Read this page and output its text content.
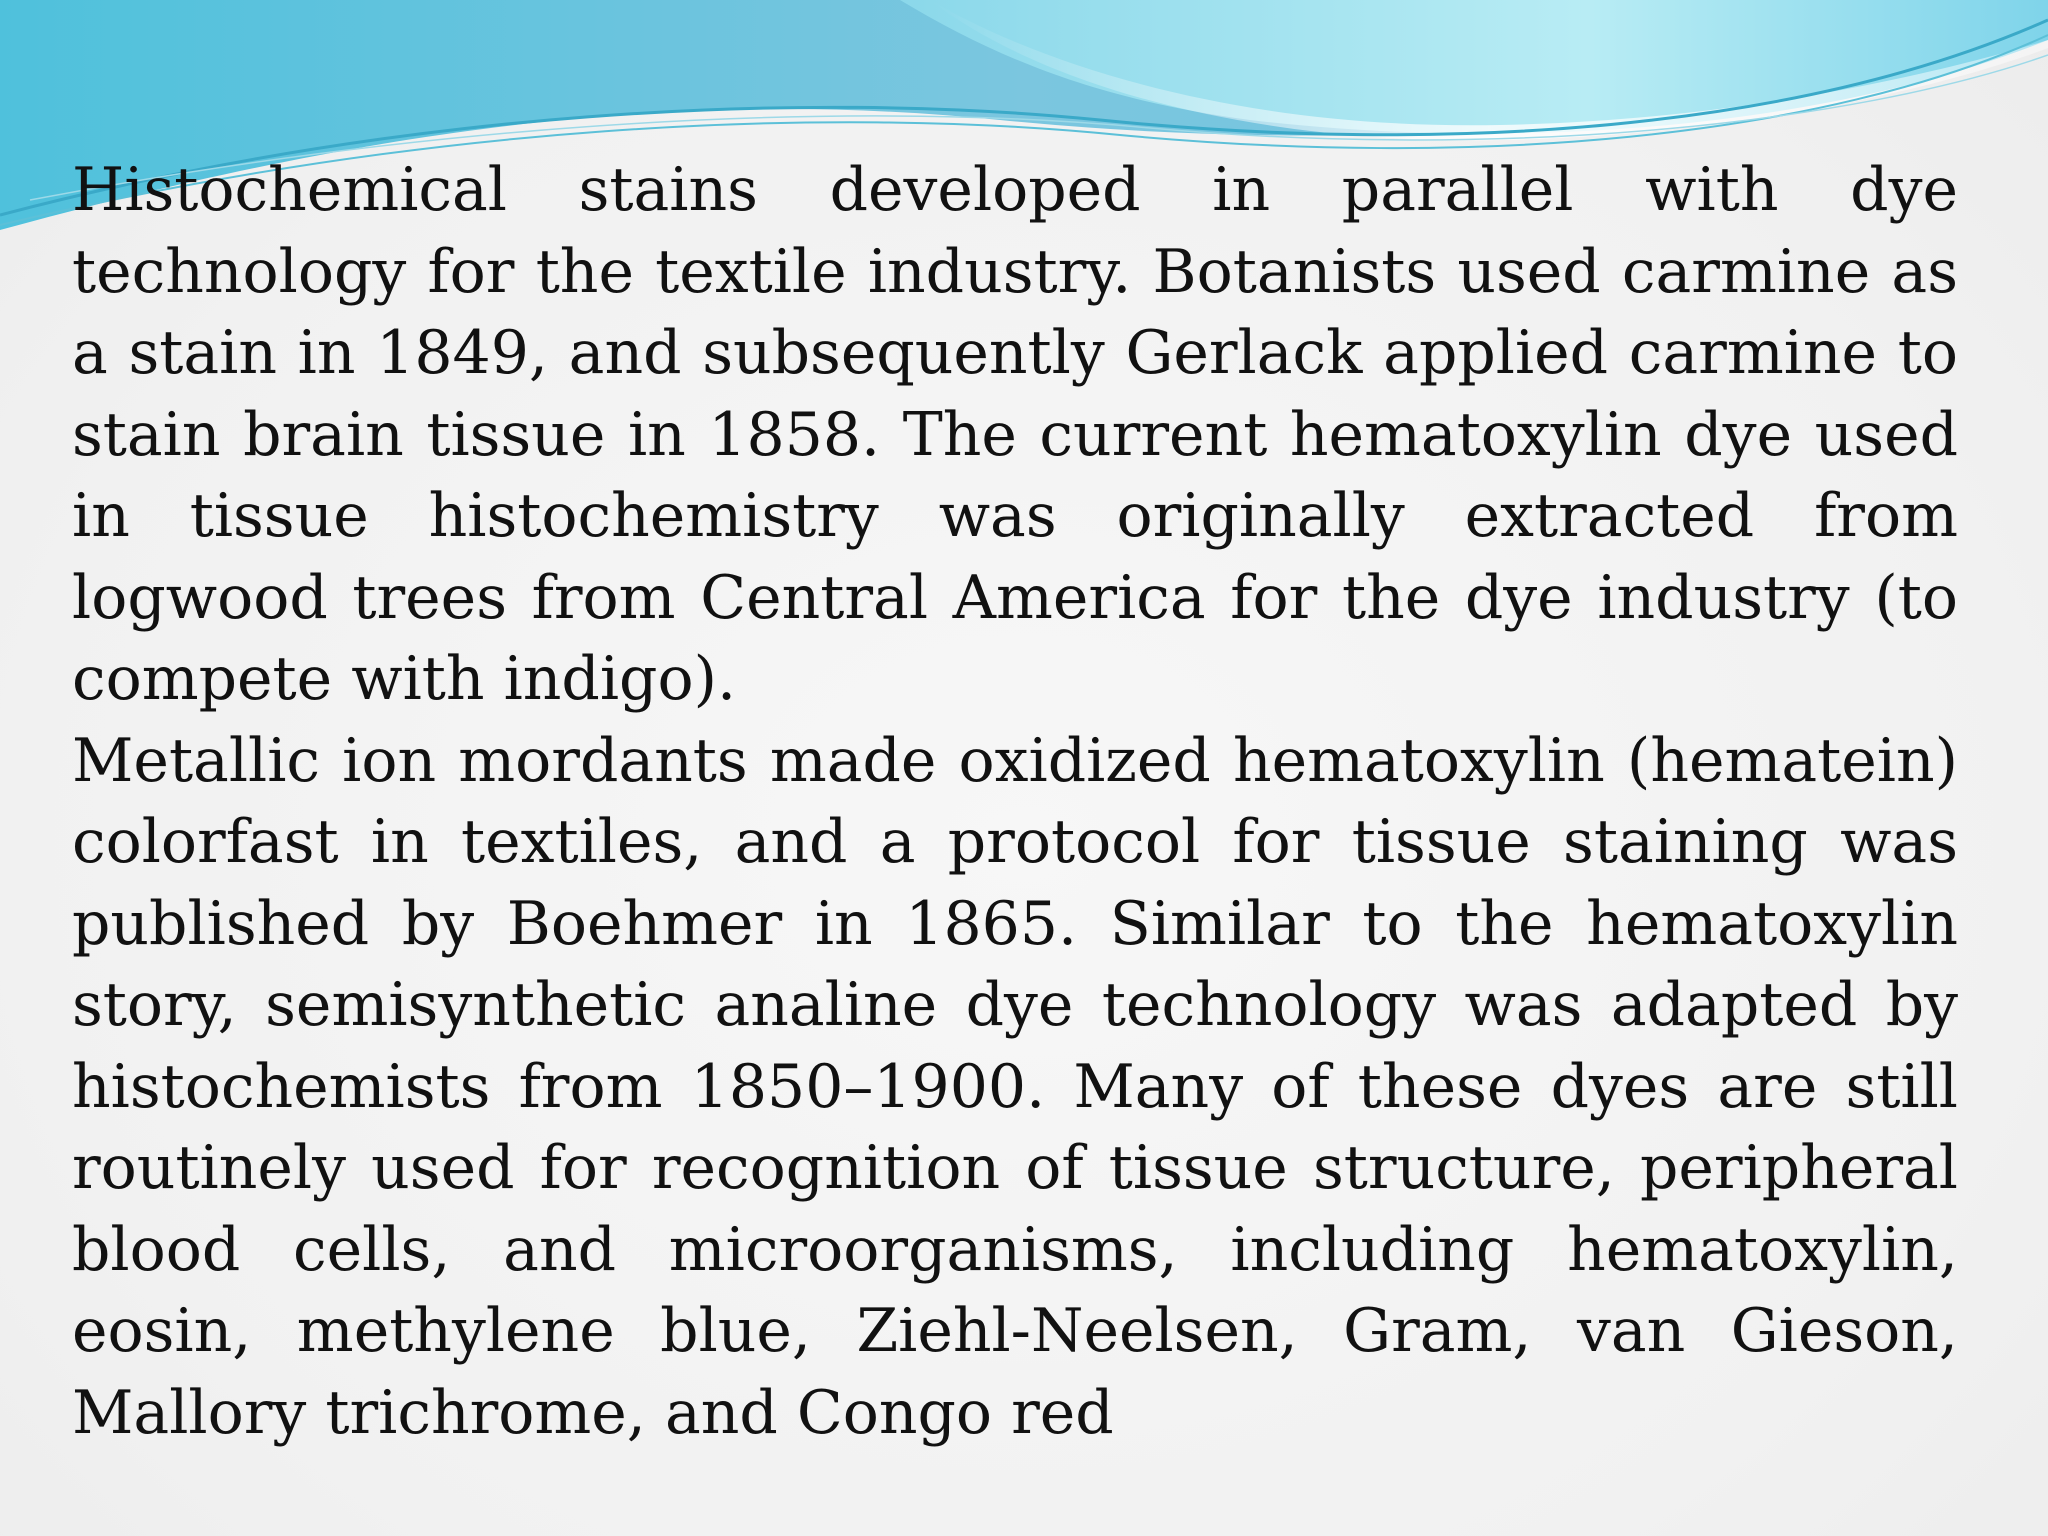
Histochemical stains developed in parallel with dye technology for the textile industry. Botanists used carmine as a stain in 1849, and subsequently Gerlack applied carmine to stain brain tissue in 1858. The current hematoxylin dye used in tissue histochemistry was originally extracted from logwood trees from Central America for the dye industry (to compete with indigo).

Metallic ion mordants made oxidized hematoxylin (hematein) colorfast in textiles, and a protocol for tissue staining was published by Boehmer in 1865. Similar to the hematoxylin story, semisynthetic analine dye technology was adapted by histochemists from 1850–1900. Many of these dyes are still routinely used for recognition of tissue structure, peripheral blood cells, and microorganisms, including hematoxylin, eosin, methylene blue, Ziehl-Neelsen, Gram, van Gieson, Mallory trichrome, and Congo red
